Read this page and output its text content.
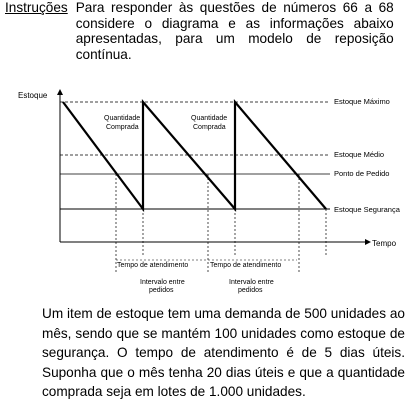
Instruções Para responder às questões de números 66 a 68 considere o diagrama e as informações abaixo apresentadas, para um modelo de reposição contínua.
Estoque
Tempo
Estoque Máximo
Estoque Médio
Ponto de Pedido
Estoque Segurança
Quantidade
Comprada
Quantidade
Comprada
Tempo de atendimento	Tempo de atendimento
Intervalo entre
pedidos
Intervalo entre
pedidos
Um item de estoque tem uma demanda de 500 unidades ao mês, sendo que se mantém 100 unidades como estoque de segurança. O tempo de atendimento é de 5 dias úteis. Suponha que o mês tenha 20 dias úteis e que a quantidade comprada seja em lotes de 1.000 unidades.
